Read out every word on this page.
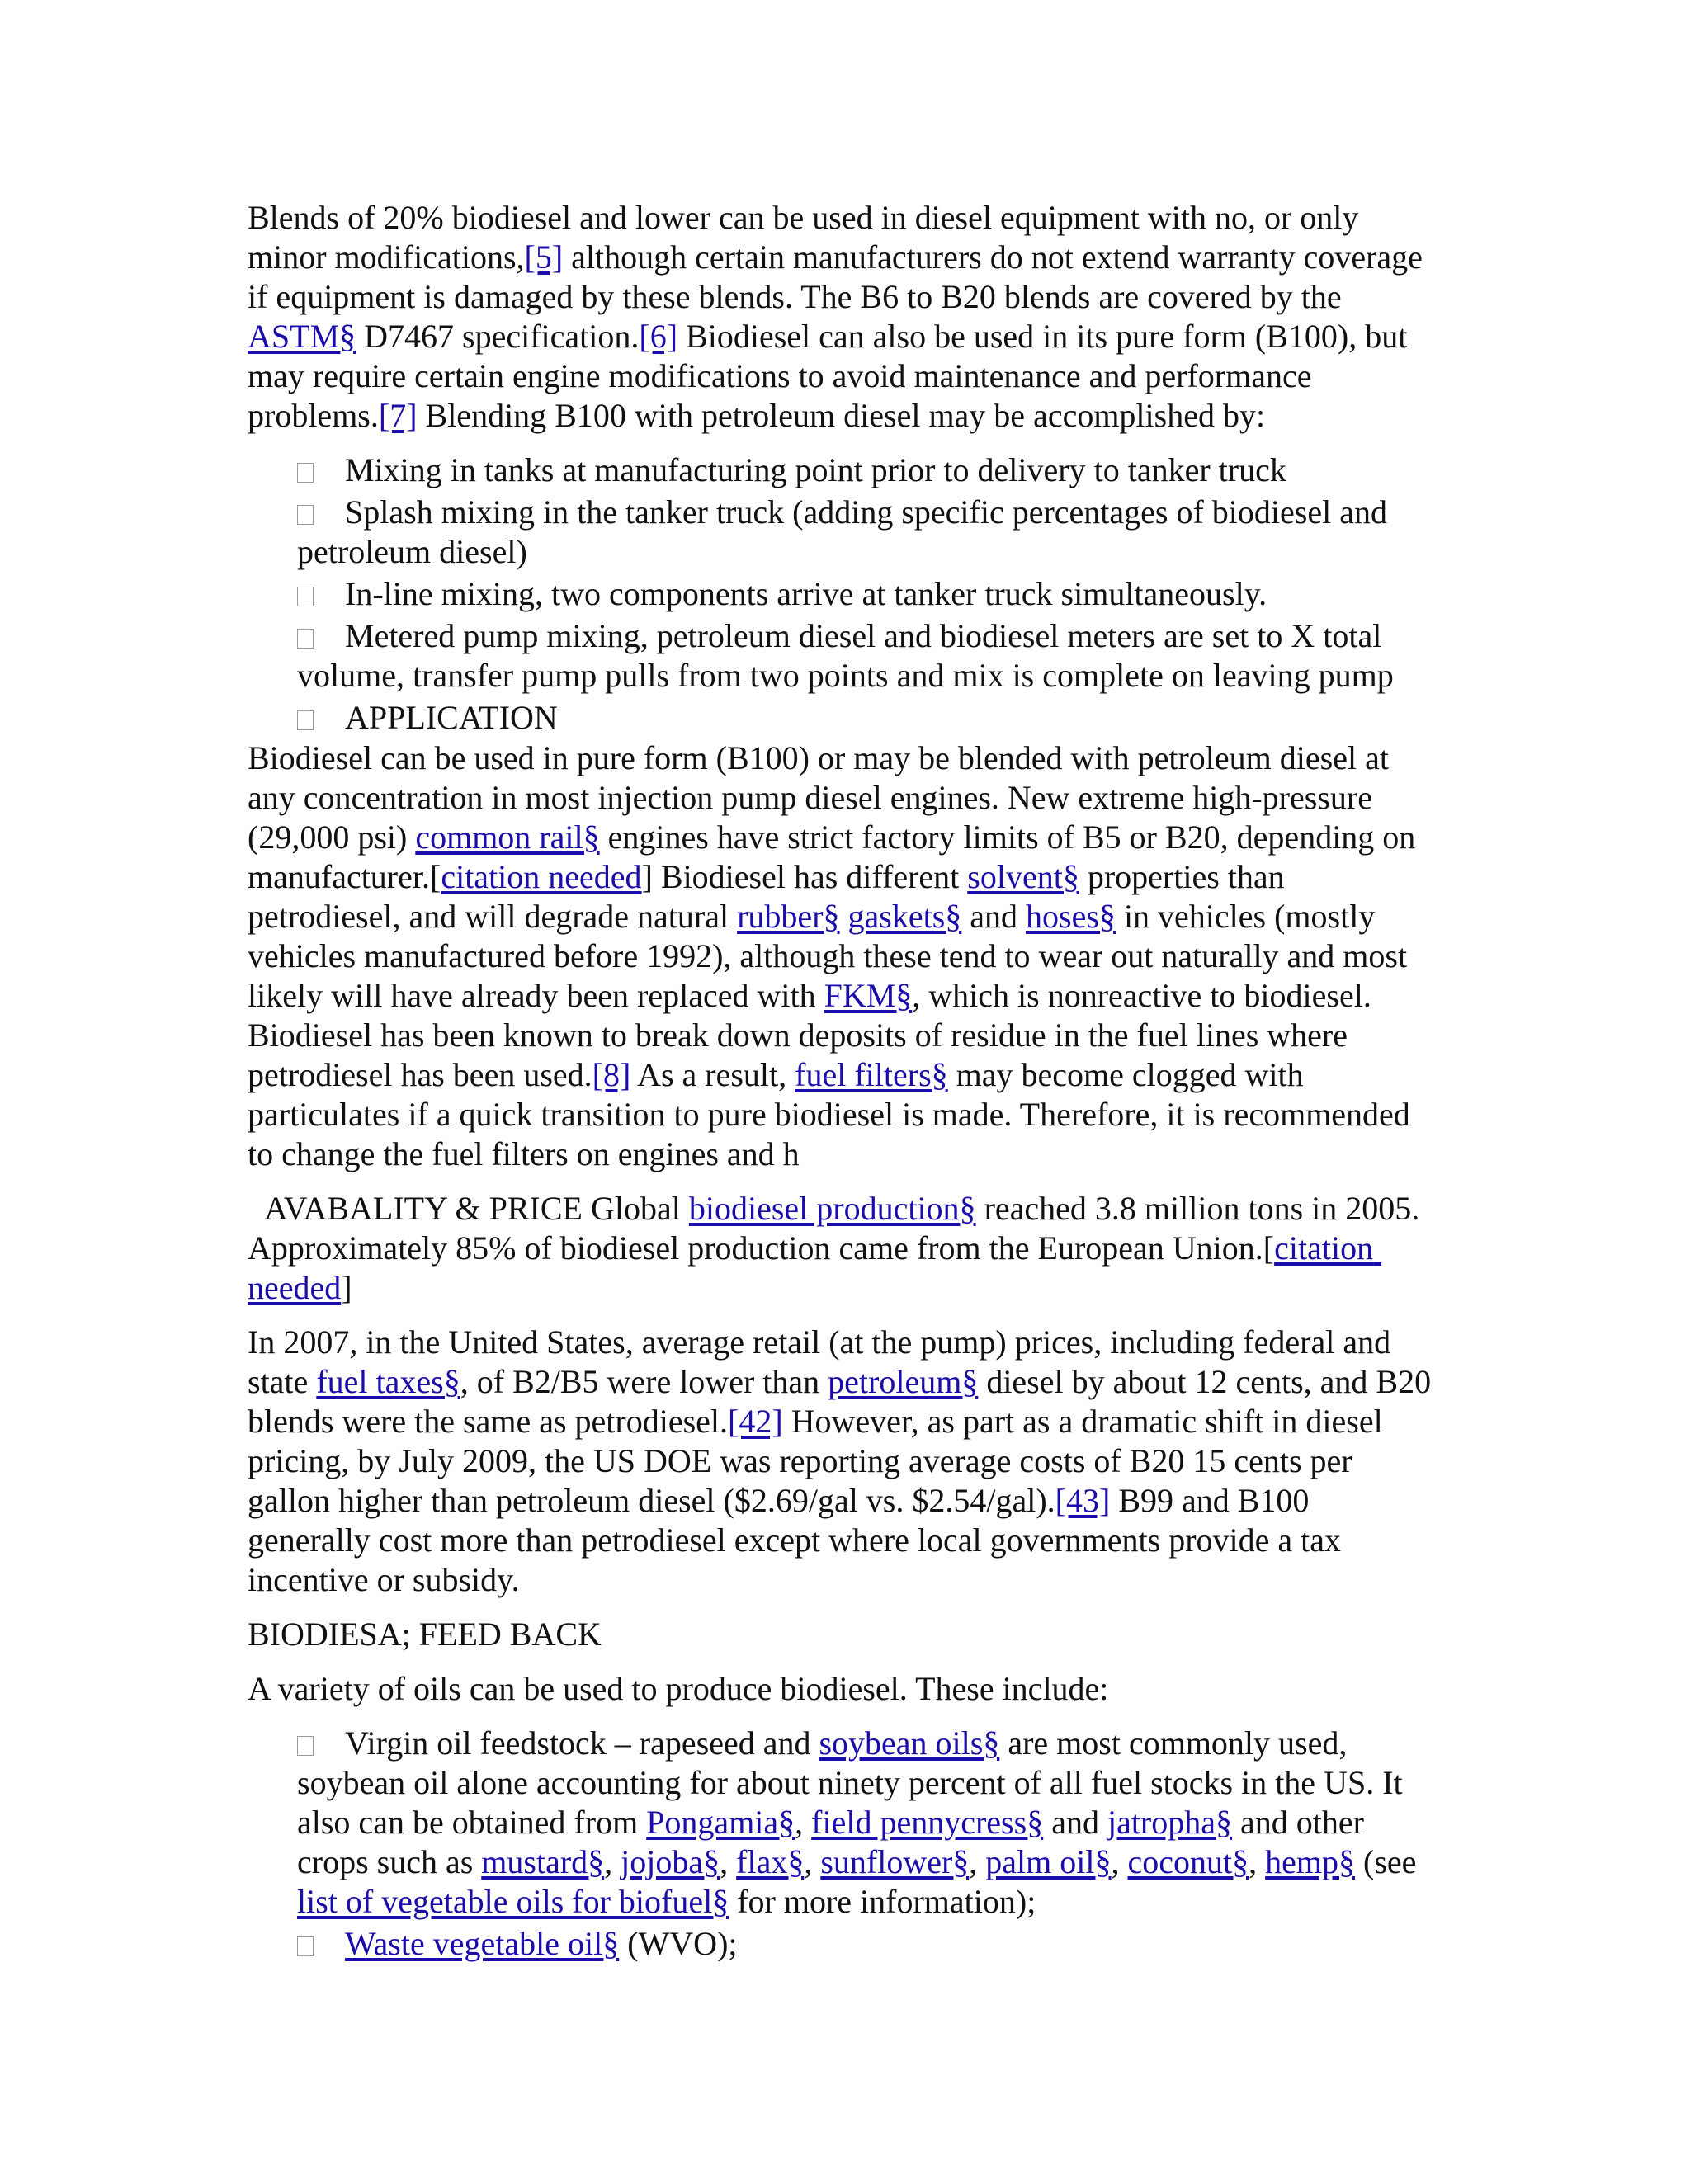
Blends of 20% biodiesel and lower can be used in diesel equipment with no, or only minor modifications,[5] although certain manufacturers do not extend warranty coverage if equipment is damaged by these blends. The B6 to B20 blends are covered by the ASTM§ D7467 specification.[6] Biodiesel can also be used in its pure form (B100), but may require certain engine modifications to avoid maintenance and performance problems.[7] Blending B100 with petroleum diesel may be accomplished by:

Mixing in tanks at manufacturing point prior to delivery to tanker truck
Splash mixing in the tanker truck (adding specific percentages of biodiesel and petroleum diesel)
In-line mixing, two components arrive at tanker truck simultaneously.
Metered pump mixing, petroleum diesel and biodiesel meters are set to X total volume, transfer pump pulls from two points and mix is complete on leaving pump
APPLICATION

Biodiesel can be used in pure form (B100) or may be blended with petroleum diesel at any concentration in most injection pump diesel engines. New extreme high-pressure (29,000 psi) common rail§ engines have strict factory limits of B5 or B20, depending on manufacturer.[citation needed] Biodiesel has different solvent§ properties than petrodiesel, and will degrade natural rubber§ gaskets§ and hoses§ in vehicles (mostly vehicles manufactured before 1992), although these tend to wear out naturally and most likely will have already been replaced with FKM§, which is nonreactive to biodiesel. Biodiesel has been known to break down deposits of residue in the fuel lines where petrodiesel has been used.[8] As a result, fuel filters§ may become clogged with particulates if a quick transition to pure biodiesel is made. Therefore, it is recommended to change the fuel filters on engines and h

AVABALITY & PRICE Global biodiesel production§ reached 3.8 million tons in 2005. Approximately 85% of biodiesel production came from the European Union.[citation needed]

In 2007, in the United States, average retail (at the pump) prices, including federal and state fuel taxes§, of B2/B5 were lower than petroleum§ diesel by about 12 cents, and B20 blends were the same as petrodiesel.[42] However, as part as a dramatic shift in diesel pricing, by July 2009, the US DOE was reporting average costs of B20 15 cents per gallon higher than petroleum diesel ($2.69/gal vs. $2.54/gal).[43] B99 and B100 generally cost more than petrodiesel except where local governments provide a tax incentive or subsidy.

BIODIESA; FEED BACK

A variety of oils can be used to produce biodiesel. These include:

Virgin oil feedstock – rapeseed and soybean oils§ are most commonly used, soybean oil alone accounting for about ninety percent of all fuel stocks in the US. It also can be obtained from Pongamia§, field pennycress§ and jatropha§ and other crops such as mustard§, jojoba§, flax§, sunflower§, palm oil§, coconut§, hemp§ (see list of vegetable oils for biofuel§ for more information);
Waste vegetable oil§ (WVO);
